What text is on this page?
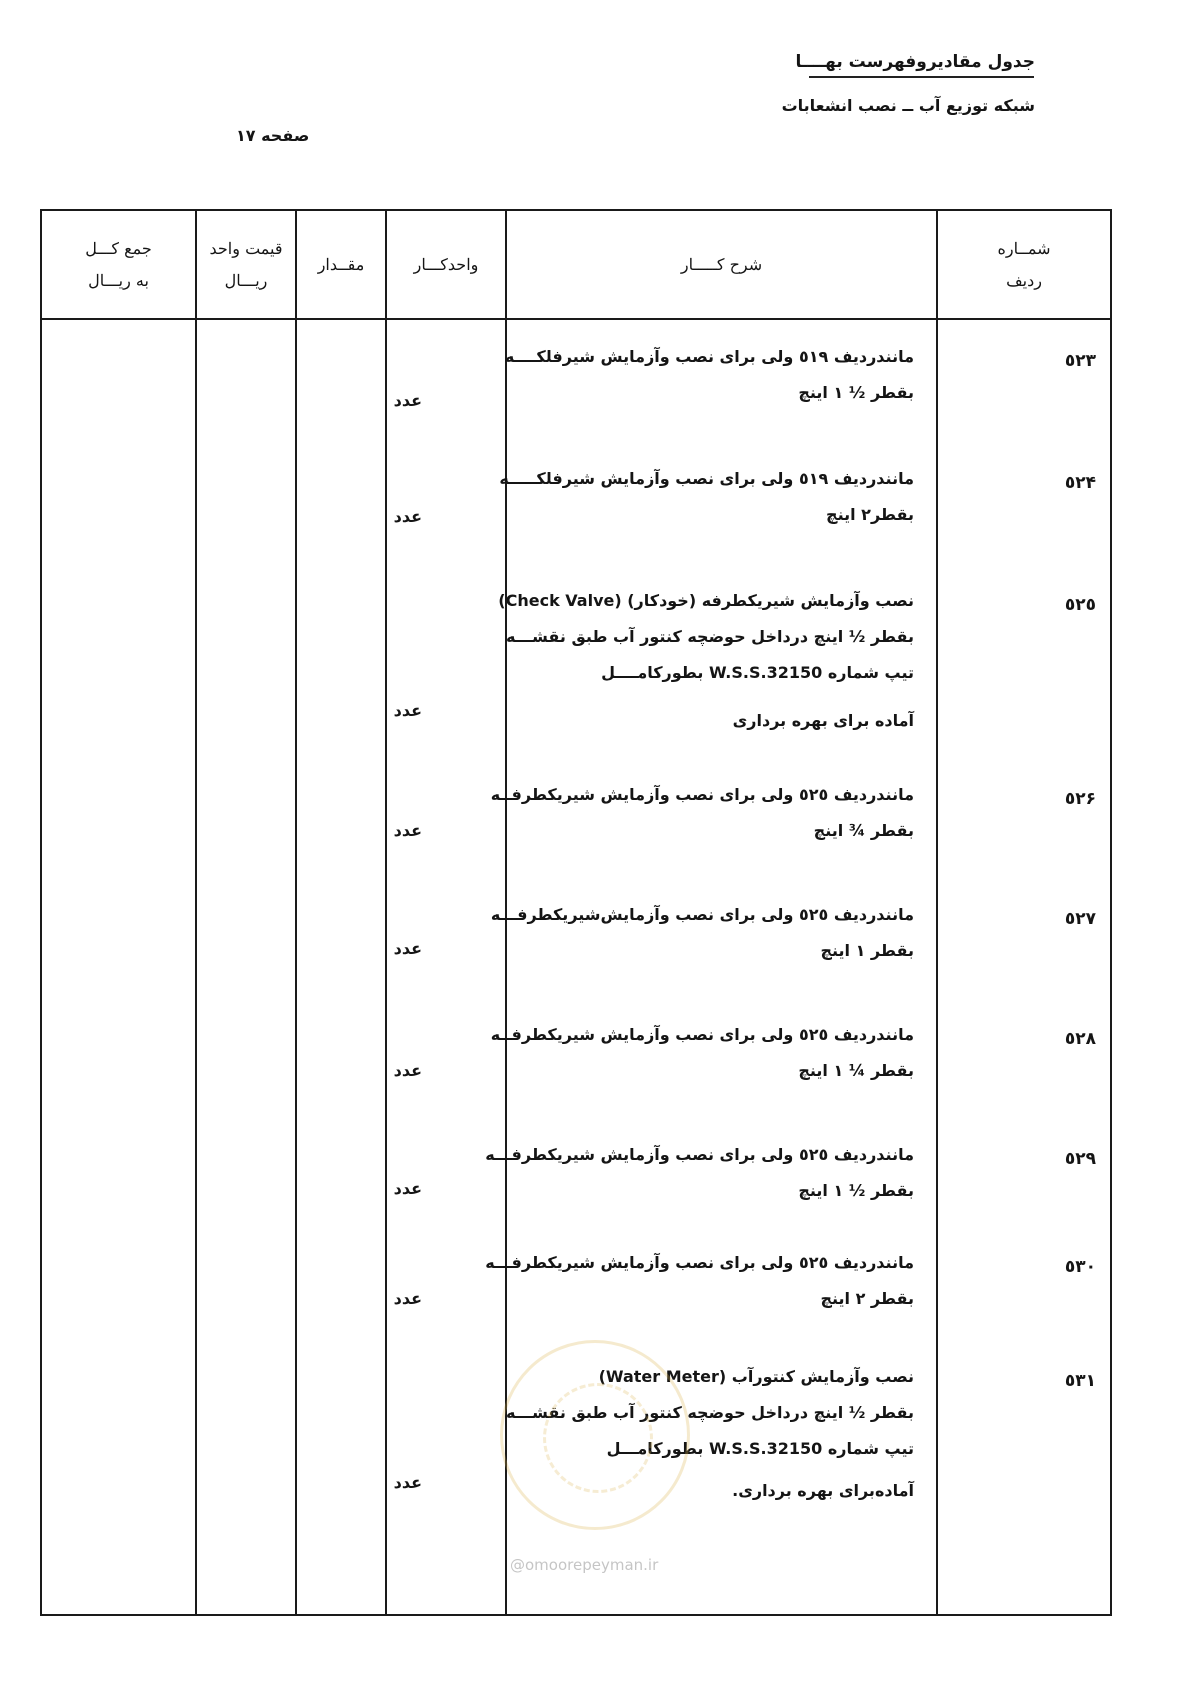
جدول مقادیروفهرست بهــــا
شبکه توزیع آب ــ نصب انشعابات
صفحه ١٧
شمــاره
ردیف
شرح کـــــار
واحدکـــار
مقــدار
قیمت واحد
ریـــال
جمع کـــل
به ریـــال
٥٢٣
مانندردیف ٥١٩ ولی برای نصب وآزمایش شیرفلکــــه
بقطر ½ ١ اینچ
عدد
٥٢۴
مانندردیف ٥١٩ ولی برای نصب وآزمایش شیرفلکـــــه
بقطر٢ اینچ
عدد
٥٢٥
نصب وآزمایش شیریکطرفه (خودکار) (Check Valve)
بقطر ½ اینچ درداخل حوضچه کنتور آب طبق نقشـــه
تیپ شماره W.S.S.32150 بطورکامــــل
آماده برای بهره برداری
عدد
٥٢۶
مانندردیف ٥٢٥ ولی برای نصب وآزمایش شیریکطرفــه
بقطر ¾ اینچ
عدد
٥٢٧
مانندردیف ٥٢٥ ولی برای نصب وآزمایش‌شیریکطرفـــه
بقطر ١ اینچ
عدد
٥٢٨
مانندردیف ٥٢٥ ولی برای نصب وآزمایش شیریکطرفــه
بقطر ¼ ١ اینچ
عدد
٥٢٩
مانندردیف ٥٢٥ ولی برای نصب وآزمایش شیریکطرفـــه
بقطر ½ ١ اینچ
عدد
٥٣٠
مانندردیف ٥٢٥ ولی برای نصب وآزمایش شیریکطرفـــه
بقطر ٢ اینچ
عدد
٥٣١
نصب وآزمایش کنتورآب (Water Meter)
بقطر ½ اینچ درداخل حوضچه کنتور آب طبق نقشـــه
تیپ شماره W.S.S.32150 بطورکامـــل
آماده‌برای بهره برداری.
عدد
@omoorepeyman.ir
